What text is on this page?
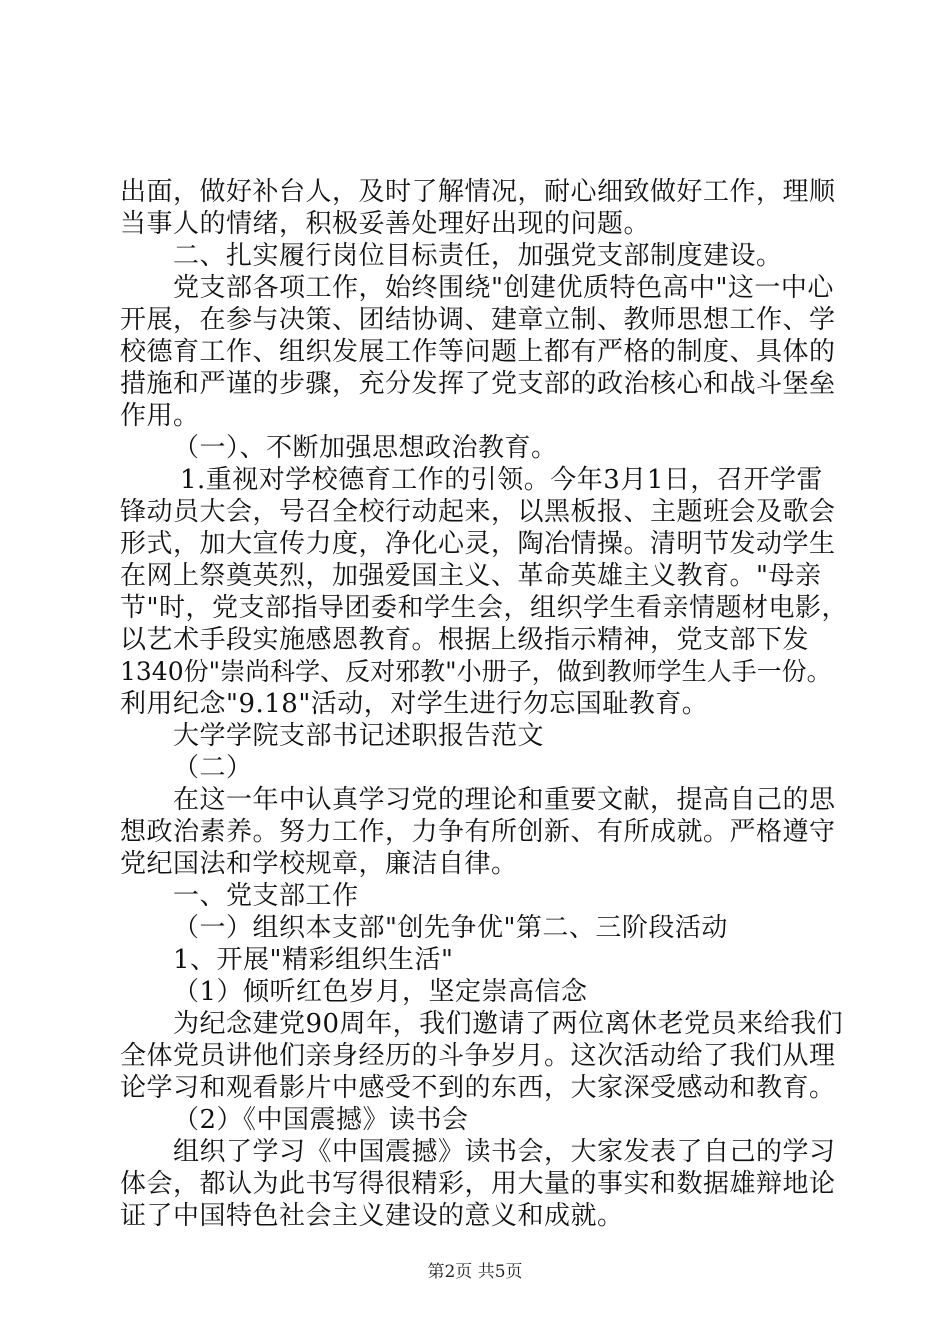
出面，做好补台人，及时了解情况，耐心细致做好工作，理顺
当事人的情绪，积极妥善处理好出现的问题。
二、扎实履行岗位目标责任，加强党支部制度建设。
党支部各项工作，始终围绕"创建优质特色高中"这一中心
开展，在参与决策、团结协调、建章立制、教师思想工作、学
校德育工作、组织发展工作等问题上都有严格的制度、具体的
措施和严谨的步骤，充分发挥了党支部的政治核心和战斗堡垒
作用。
（一）、不断加强思想政治教育。
1.重视对学校德育工作的引领。今年3月1日，召开学雷
锋动员大会，号召全校行动起来，以黑板报、主题班会及歌会
形式，加大宣传力度，净化心灵，陶冶情操。清明节发动学生
在网上祭奠英烈，加强爱国主义、革命英雄主义教育。"母亲
节"时，党支部指导团委和学生会，组织学生看亲情题材电影，
以艺术手段实施感恩教育。根据上级指示精神，党支部下发
1340份"崇尚科学、反对邪教"小册子，做到教师学生人手一份。
利用纪念"9.18"活动，对学生进行勿忘国耻教育。
大学学院支部书记述职报告范文
（二）
在这一年中认真学习党的理论和重要文献，提高自己的思
想政治素养。努力工作，力争有所创新、有所成就。严格遵守
党纪国法和学校规章，廉洁自律。
一、党支部工作
（一）组织本支部"创先争优"第二、三阶段活动
1、开展"精彩组织生活"
（1）倾听红色岁月，坚定崇高信念
为纪念建党90周年，我们邀请了两位离休老党员来给我们
全体党员讲他们亲身经历的斗争岁月。这次活动给了我们从理
论学习和观看影片中感受不到的东西，大家深受感动和教育。
（2）《中国震撼》读书会
组织了学习《中国震撼》读书会，大家发表了自己的学习
体会，都认为此书写得很精彩，用大量的事实和数据雄辩地论
证了中国特色社会主义建设的意义和成就。
第2页 共5页
